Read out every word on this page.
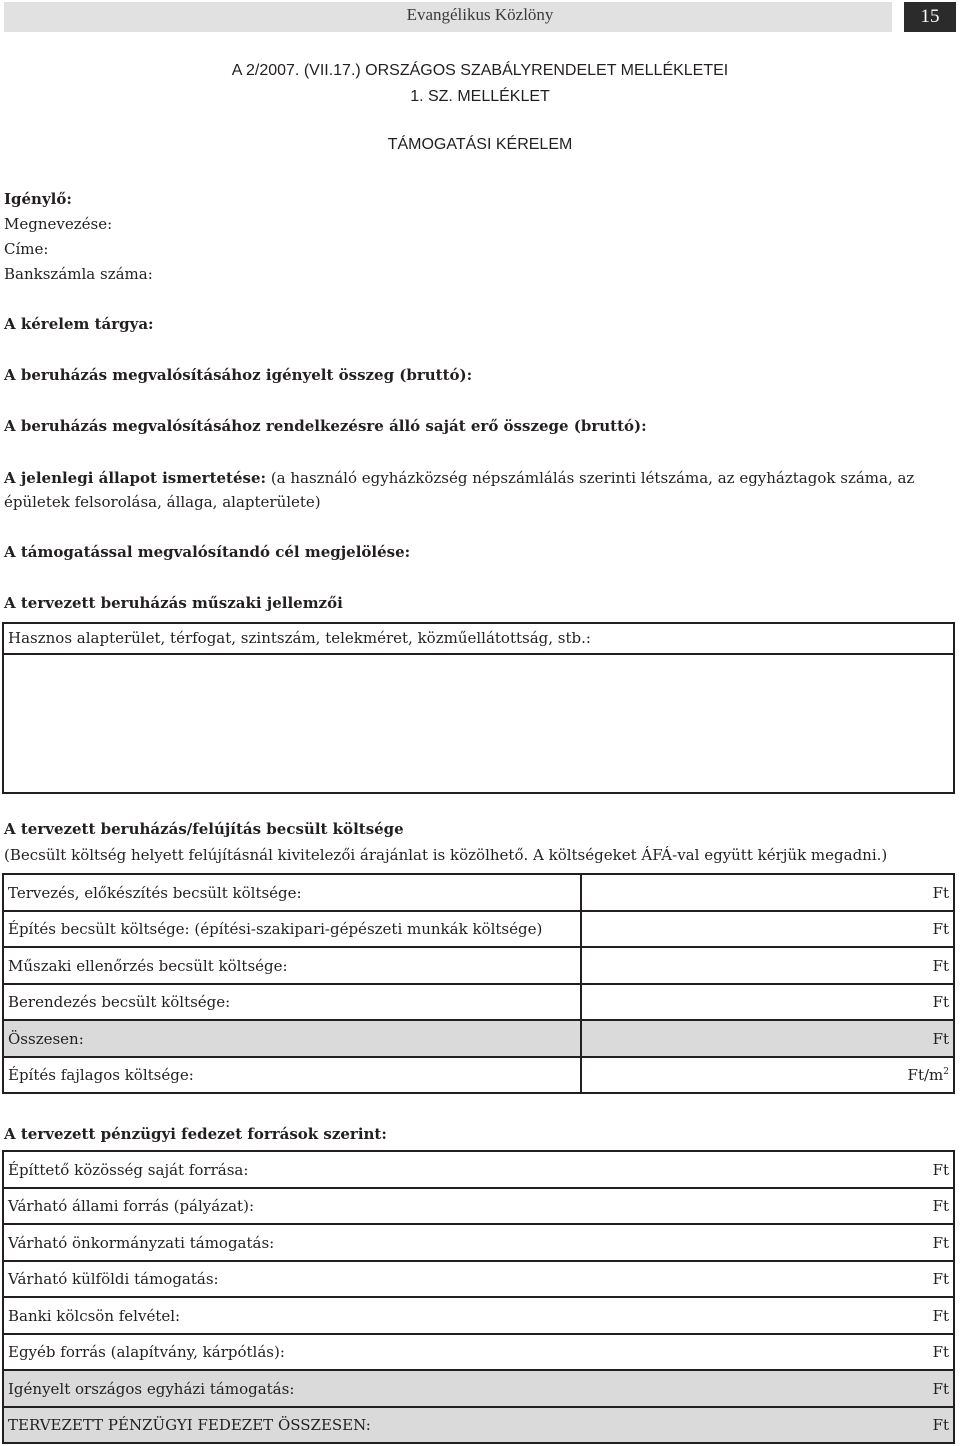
Evangélikus Közlöny	15
A 2/2007. (VII.17.) ORSZÁGOS SZABÁLYRENDELET MELLÉKLETEI
1. SZ. MELLÉKLET
TÁMOGATÁSI KÉRELEM
Igénylő:
Megnevezése:
Címe:
Bankszámla száma:
A kérelem tárgya:
A beruházás megvalósításához igényelt összeg (bruttó):
A beruházás megvalósításához rendelkezésre álló saját erő összege (bruttó):
A jelenlegi állapot ismertetése: (a használó egyházközség népszámlálás szerinti létszáma, az egyháztagok száma, az épületek felsorolása, állaga, alapterülete)
A támogatással megvalósítandó cél megjelölése:
A tervezett beruházás műszaki jellemzői
Hasznos alapterület, térfogat, szintszám, telekméret, közműellátottság, stb.:
A tervezett beruházás/felújítás becsült költsége
(Becsült költség helyett felújításnál kivitelezői árajánlat is közölhető. A költségeket ÁFÁ-val együtt kérjük megadni.)
Tervezés, előkészítés becsült költsége:	Ft
Építés becsült költsége: (építési-szakipari-gépészeti munkák költsége)	Ft
Műszaki ellenőrzés becsült költsége:	Ft
Berendezés becsült költsége:	Ft
Összesen:	Ft
Építés fajlagos költsége:	$Ft/m^2$
A tervezett pénzügyi fedezet források szerint:
Építtető közösség saját forrása:	Ft
Várható állami forrás (pályázat):	Ft
Várható önkormányzati támogatás:	Ft
Várható külföldi támogatás:	Ft
Banki kölcsön felvétel:	Ft
Egyéb forrás (alapítvány, kárpótlás):	Ft
Igényelt országos egyházi támogatás:	Ft
TERVEZETT PÉNZÜGYI FEDEZET ÖSSZESEN:	Ft
